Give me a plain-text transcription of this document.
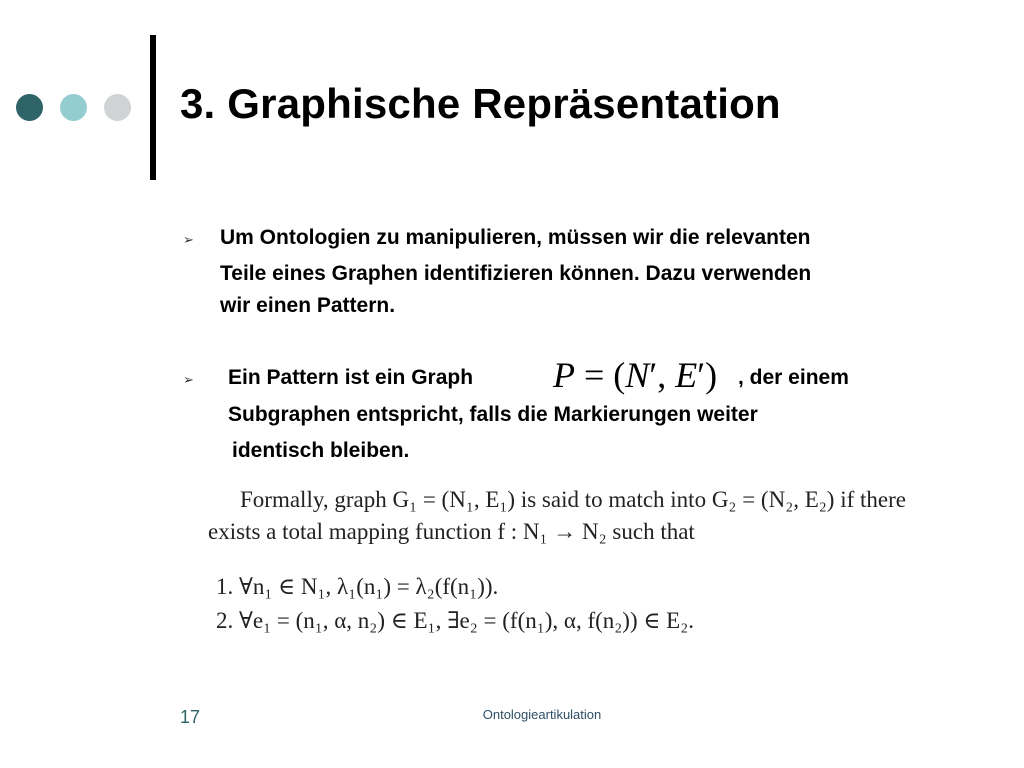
3. Graphische Repräsentation
➢ Um Ontologien zu manipulieren, müssen wir die relevanten
Teile eines Graphen identifizieren können. Dazu verwenden
wir einen Pattern.
➢ Ein Pattern ist ein Graph P = (N′, E′) , der einem
Subgraphen entspricht, falls die Markierungen weiter
identisch bleiben.
Formally, graph G₁ = (N₁, E₁) is said to match into G₂ = (N₂, E₂) if there
exists a total mapping function f : N₁ → N₂ such that
1. ∀n₁ ∈ N₁, λ₁(n₁) = λ₂(f(n₁)).
2. ∀e₁ = (n₁, α, n₂) ∈ E₁, ∃e₂ = (f(n₁), α, f(n₂)) ∈ E₂.
17	Ontologieartikulation
